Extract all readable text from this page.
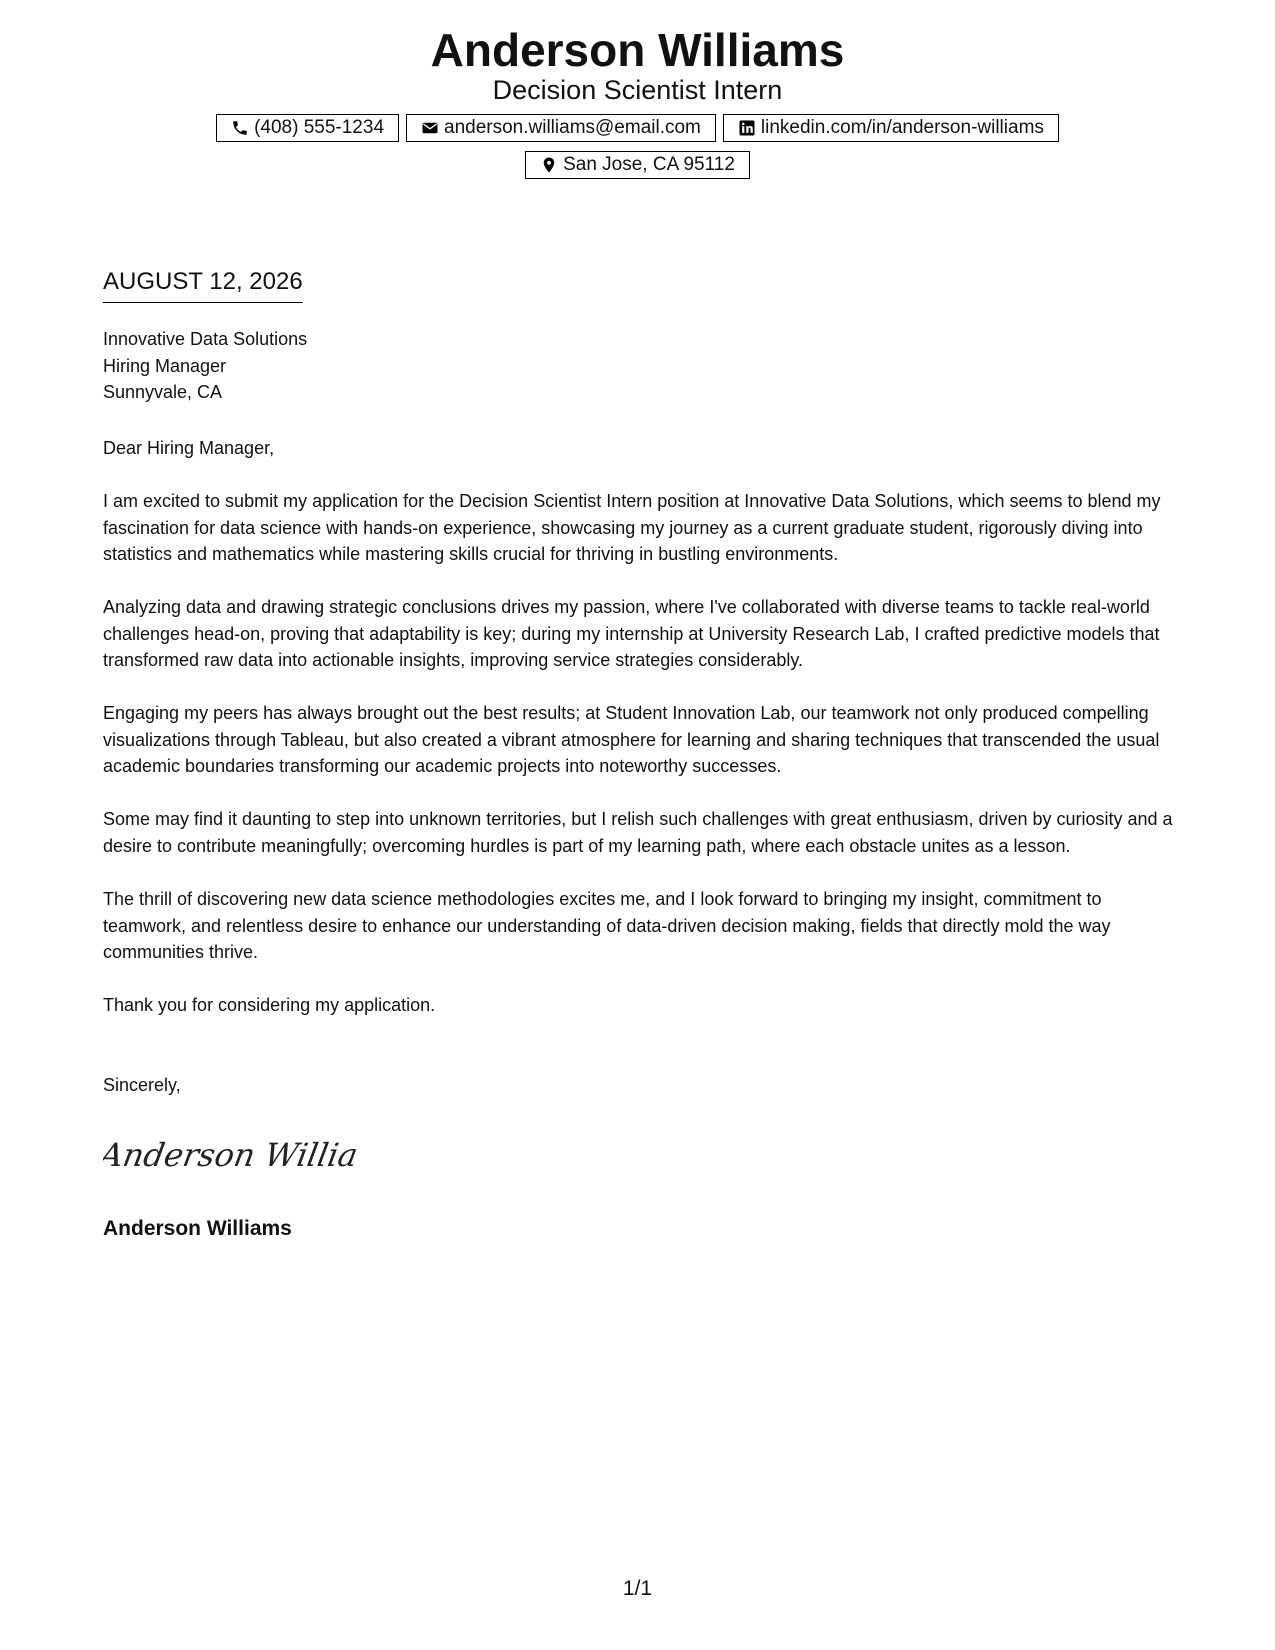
Anderson Williams
Decision Scientist Intern
(408) 555-1234	anderson.williams@email.com	linkedin.com/in/anderson-williams
San Jose, CA 95112
AUGUST 12, 2026
Innovative Data Solutions
Hiring Manager
Sunnyvale, CA
Dear Hiring Manager,

I am excited to submit my application for the Decision Scientist Intern position at Innovative Data Solutions, which seems to blend my fascination for data science with hands-on experience, showcasing my journey as a current graduate student, rigorously diving into statistics and mathematics while mastering skills crucial for thriving in bustling environments.

Analyzing data and drawing strategic conclusions drives my passion, where I've collaborated with diverse teams to tackle real-world challenges head-on, proving that adaptability is key; during my internship at University Research Lab, I crafted predictive models that transformed raw data into actionable insights, improving service strategies considerably.

Engaging my peers has always brought out the best results; at Student Innovation Lab, our teamwork not only produced compelling visualizations through Tableau, but also created a vibrant atmosphere for learning and sharing techniques that transcended the usual academic boundaries transforming our academic projects into noteworthy successes.

Some may find it daunting to step into unknown territories, but I relish such challenges with great enthusiasm, driven by curiosity and a desire to contribute meaningfully; overcoming hurdles is part of my learning path, where each obstacle unites as a lesson.

The thrill of discovering new data science methodologies excites me, and I look forward to bringing my insight, commitment to teamwork, and relentless desire to enhance our understanding of data-driven decision making, fields that directly mold the way communities thrive.

Thank you for considering my application.

Sincerely,

Anderson Willia
Anderson Williams
1/1
